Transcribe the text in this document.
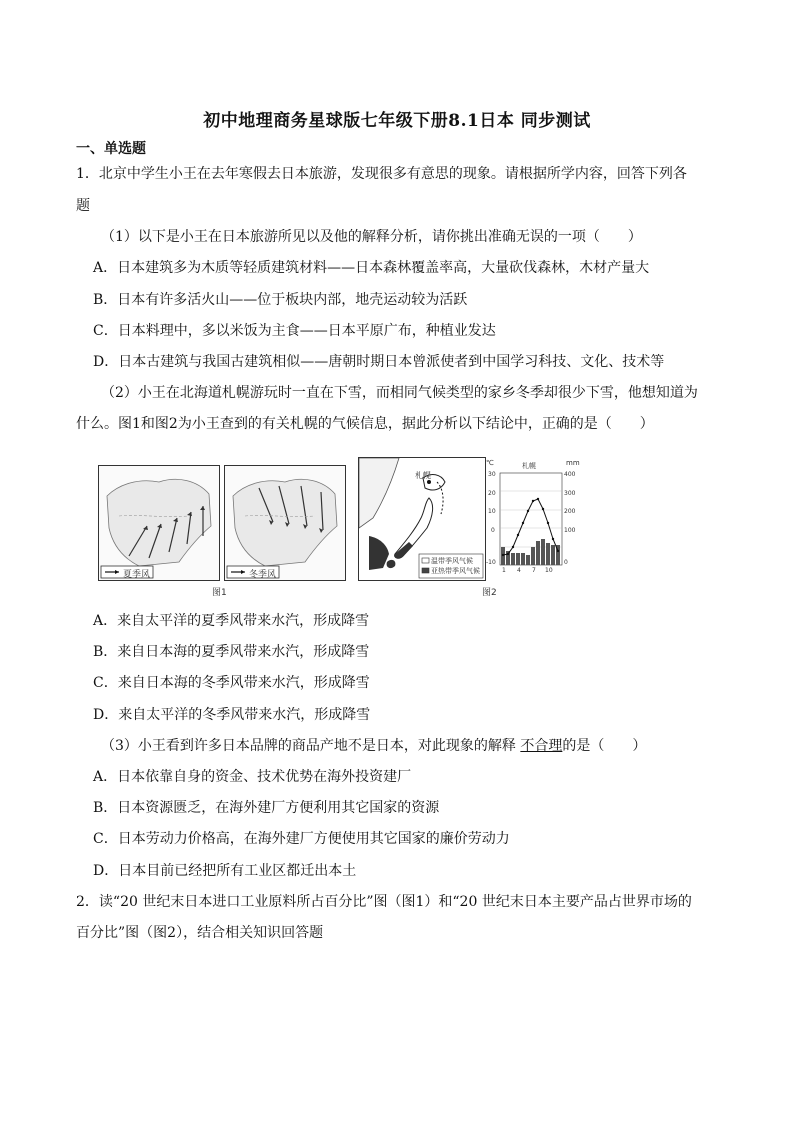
初中地理商务星球版七年级下册8.1日本 同步测试
一、单选题
1．北京中学生小王在去年寒假去日本旅游，发现很多有意思的现象。请根据所学内容，回答下列各
题
（1）以下是小王在日本旅游所见以及他的解释分析，请你挑出准确无误的一项（　　）
A．日本建筑多为木质等轻质建筑材料——日本森林覆盖率高，大量砍伐森林，木材产量大
B．日本有许多活火山——位于板块内部，地壳运动较为活跃
C．日本料理中，多以米饭为主食——日本平原广布，种植业发达
D．日本古建筑与我国古建筑相似——唐朝时期日本曾派使者到中国学习科技、文化、技术等
（2）小王在北海道札幌游玩时一直在下雪，而相同气候类型的家乡冬季却很少下雪，他想知道为
什么。图1和图2为小王查到的有关札幌的气候信息，据此分析以下结论中，正确的是（　　）
夏季风	冬季风
图1
札幌
温带季风气候
亚热带季风气候
札幌
℃	mm
30
20
10
0
-10
400
300
200
100
0
1 4 7 10
图2
A．来自太平洋的夏季风带来水汽，形成降雪
B．来自日本海的夏季风带来水汽，形成降雪
C．来自日本海的冬季风带来水汽，形成降雪
D．来自太平洋的冬季风带来水汽，形成降雪
（3）小王看到许多日本品牌的商品产地不是日本，对此现象的解释 不合理的是（　　）
A．日本依靠自身的资金、技术优势在海外投资建厂
B．日本资源匮乏，在海外建厂方便利用其它国家的资源
C．日本劳动力价格高，在海外建厂方便使用其它国家的廉价劳动力
D．日本目前已经把所有工业区都迁出本土
2．读“20 世纪末日本进口工业原料所占百分比”图（图1）和“20 世纪末日本主要产品占世界市场的
百分比”图（图2），结合相关知识回答题
